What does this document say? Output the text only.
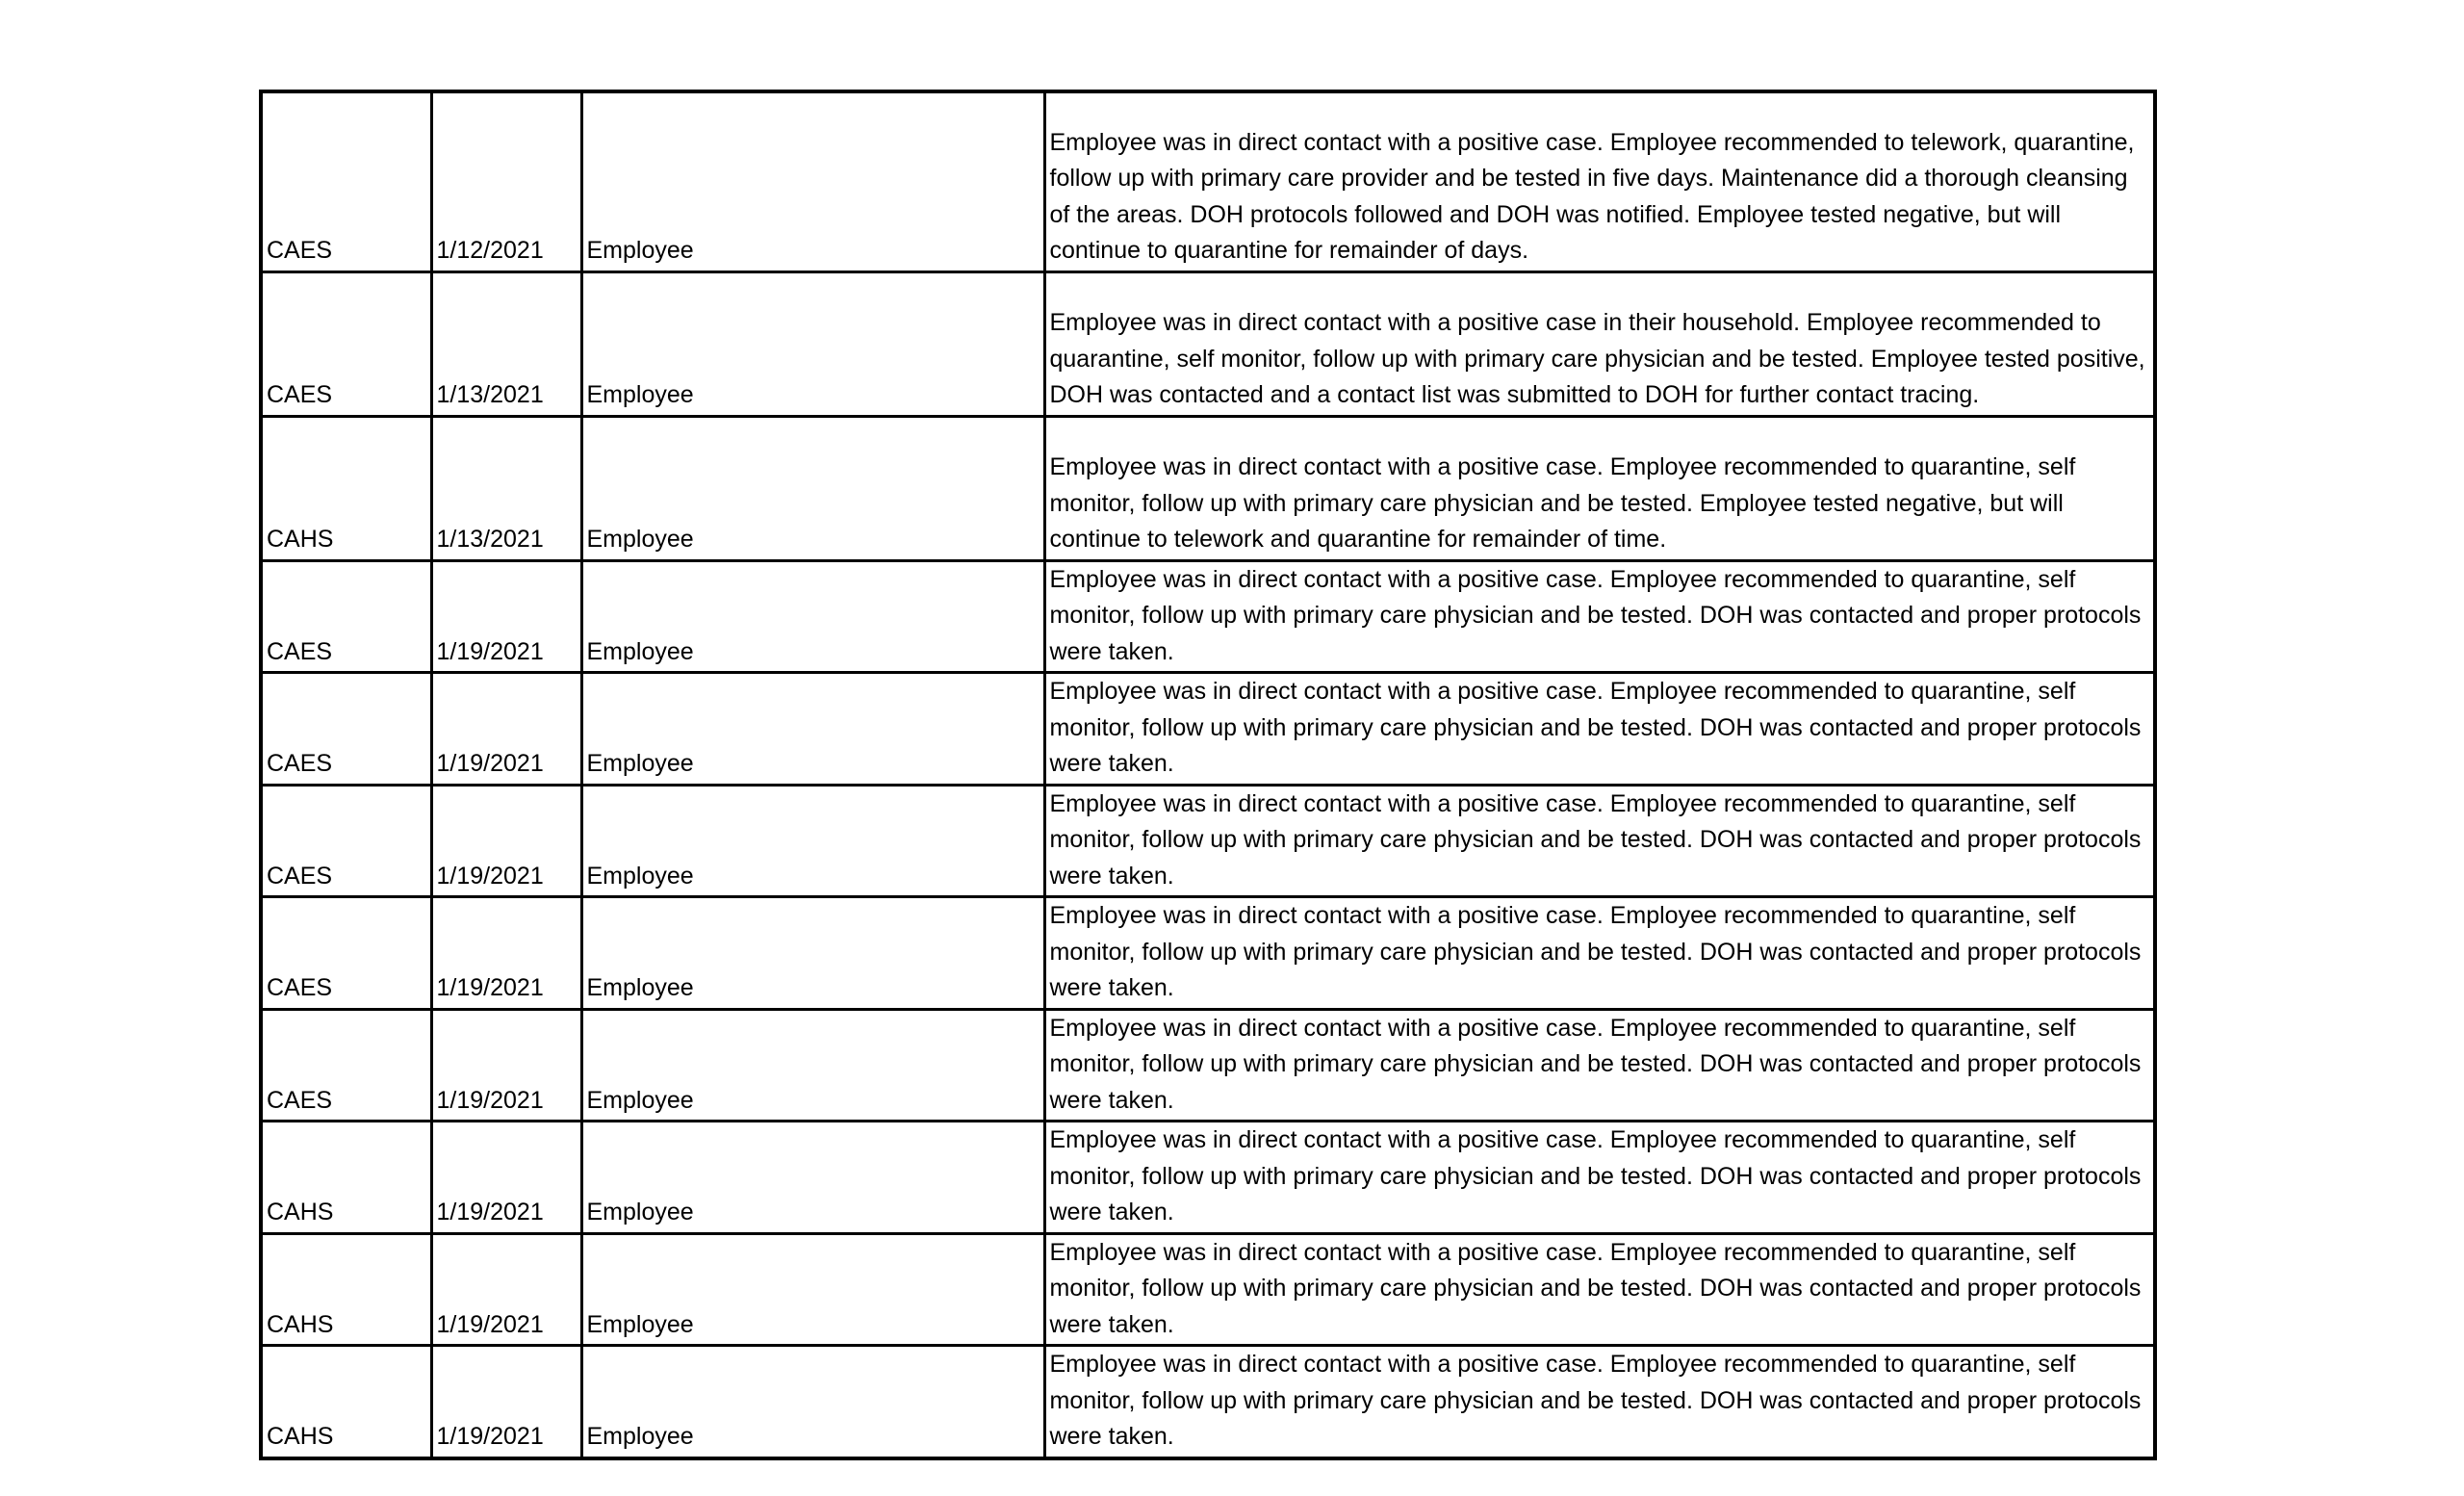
CAES	1/12/2021	Employee	Employee was in direct contact with a positive case. Employee recommended to telework, quarantine, follow up with primary care provider and be tested in five days. Maintenance did a thorough cleansing of the areas. DOH protocols followed and DOH was notified. Employee tested negative, but will continue to quarantine for remainder of days.
CAES	1/13/2021	Employee	Employee was in direct contact with a positive case in their household. Employee recommended to quarantine, self monitor, follow up with primary care physician and be tested. Employee tested positive, DOH was contacted and a contact list was submitted to DOH for further contact tracing.
CAHS	1/13/2021	Employee	Employee was in direct contact with a positive case. Employee recommended to quarantine, self monitor, follow up with primary care physician and be tested. Employee tested negative, but will continue to telework and quarantine for remainder of time.
CAES	1/19/2021	Employee	Employee was in direct contact with a positive case. Employee recommended to quarantine, self monitor, follow up with primary care physician and be tested. DOH was contacted and proper protocols were taken.
CAES	1/19/2021	Employee	Employee was in direct contact with a positive case. Employee recommended to quarantine, self monitor, follow up with primary care physician and be tested. DOH was contacted and proper protocols were taken.
CAES	1/19/2021	Employee	Employee was in direct contact with a positive case. Employee recommended to quarantine, self monitor, follow up with primary care physician and be tested. DOH was contacted and proper protocols were taken.
CAES	1/19/2021	Employee	Employee was in direct contact with a positive case. Employee recommended to quarantine, self monitor, follow up with primary care physician and be tested. DOH was contacted and proper protocols were taken.
CAES	1/19/2021	Employee	Employee was in direct contact with a positive case. Employee recommended to quarantine, self monitor, follow up with primary care physician and be tested. DOH was contacted and proper protocols were taken.
CAHS	1/19/2021	Employee	Employee was in direct contact with a positive case. Employee recommended to quarantine, self monitor, follow up with primary care physician and be tested. DOH was contacted and proper protocols were taken.
CAHS	1/19/2021	Employee	Employee was in direct contact with a positive case. Employee recommended to quarantine, self monitor, follow up with primary care physician and be tested. DOH was contacted and proper protocols were taken.
CAHS	1/19/2021	Employee	Employee was in direct contact with a positive case. Employee recommended to quarantine, self monitor, follow up with primary care physician and be tested. DOH was contacted and proper protocols were taken.
